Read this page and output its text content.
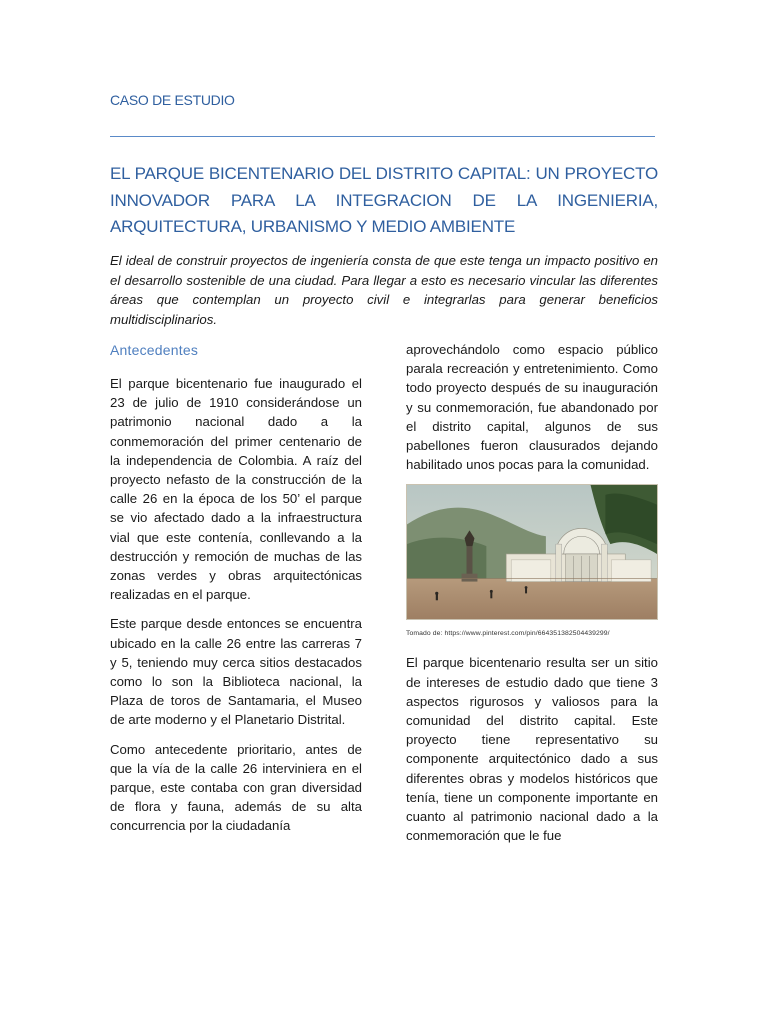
CASO DE ESTUDIO
EL PARQUE BICENTENARIO DEL DISTRITO CAPITAL: UN PROYECTO INNOVADOR PARA LA INTEGRACION DE LA INGENIERIA, ARQUITECTURA, URBANISMO Y MEDIO AMBIENTE

El ideal de construir proyectos de ingeniería consta de que este tenga un impacto positivo en el desarrollo sostenible de una ciudad. Para llegar a esto es necesario vincular las diferentes áreas que contemplan un proyecto civil e integrarlas para generar beneficios multidisciplinarios.

Antecedentes

El parque bicentenario fue inaugurado el 23 de julio de 1910 considerándose un patrimonio nacional dado a la conmemoración del primer centenario de la independencia de Colombia. A raíz del proyecto nefasto de la construcción de la calle 26 en la época de los 50’ el parque se vio afectado dado a la infraestructura vial que este contenía, conllevando a la destrucción y remoción de muchas de las zonas verdes y obras arquitectónicas realizadas en el parque.

Este parque desde entonces se encuentra ubicado en la calle 26 entre las carreras 7 y 5, teniendo muy cerca sitios destacados como lo son la Biblioteca nacional, la Plaza de toros de Santamaria, el Museo de arte moderno y el Planetario Distrital.

Como antecedente prioritario, antes de que la vía de la calle 26 interviniera en el parque, este contaba con gran diversidad de flora y fauna, además de su alta concurrencia por la ciudadanía

aprovechándolo como espacio público parala recreación y entretenimiento. Como todo proyecto después de su inauguración y su conmemoración, fue abandonado por el distrito capital, algunos de sus pabellones fueron clausurados dejando habilitado unos pocas para la comunidad.

Tomado de: https://www.pinterest.com/pin/664351382504439299/

El parque bicentenario resulta ser un sitio de intereses de estudio dado que tiene 3 aspectos rigurosos y valiosos para la comunidad del distrito capital. Este proyecto tiene representativo su componente arquitectónico dado a sus diferentes obras y modelos históricos que tenía, tiene un componente importante en cuanto al patrimonio nacional dado a la conmemoración que le fue
